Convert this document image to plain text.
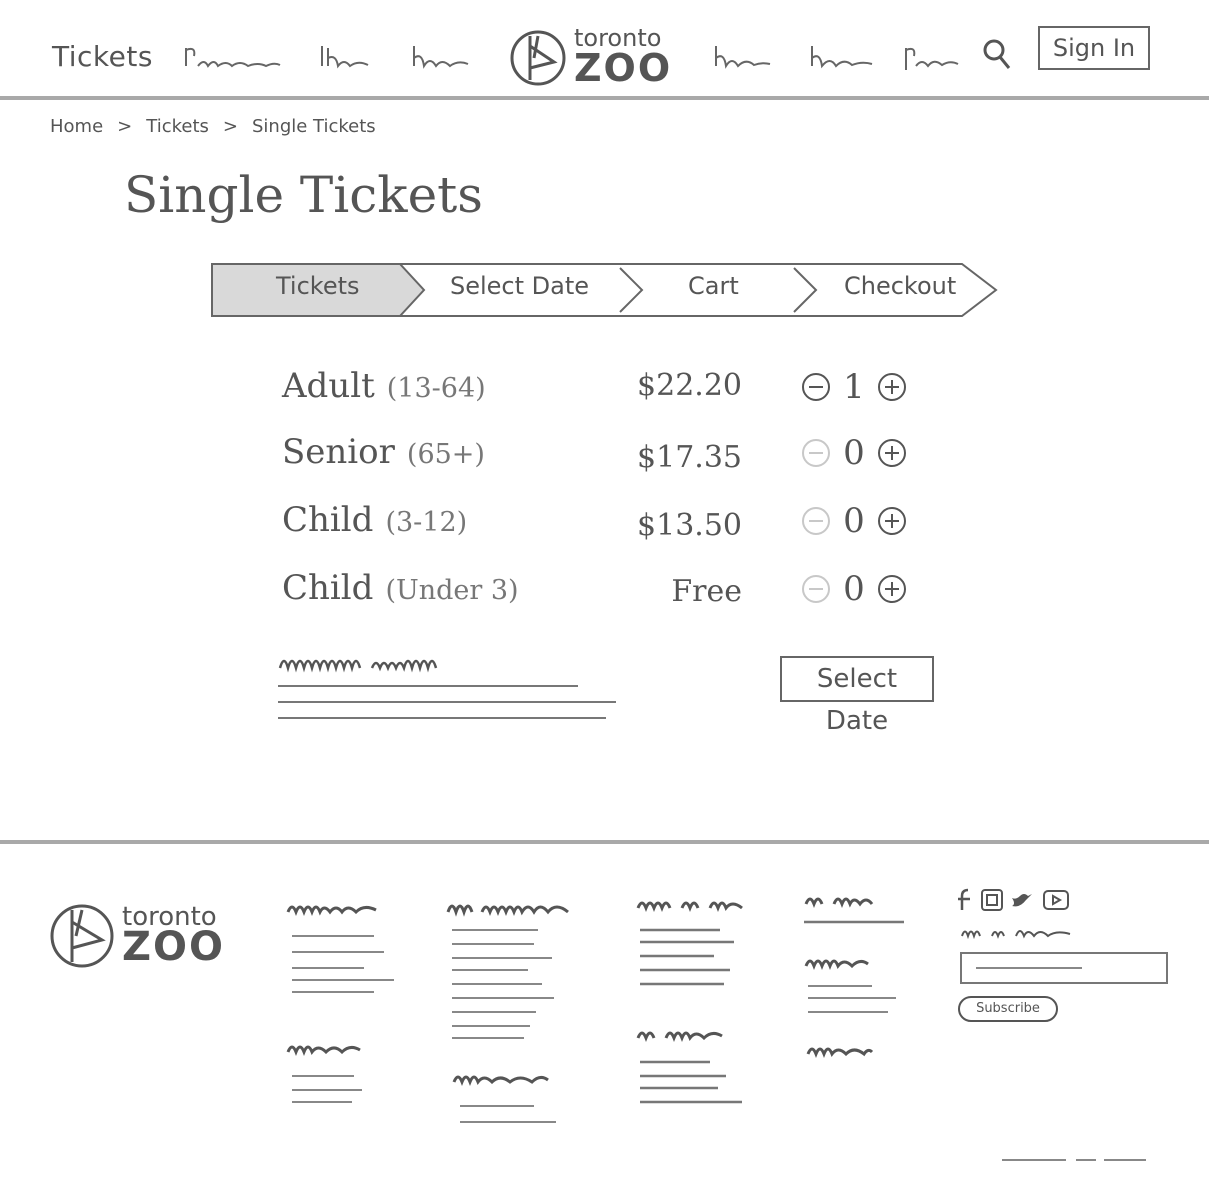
Tickets
toronto
ZOO	Sign In
Home > Tickets > Single Tickets
Single Tickets
Tickets	Select Date	Cart	Checkout
Adult (13-64)	$22.20	1
Senior (65+)	$17.35	0
Child (3-12)	$13.50	0
Child (Under 3)	Free	0
Select Date
toronto
ZOO
Subscribe
